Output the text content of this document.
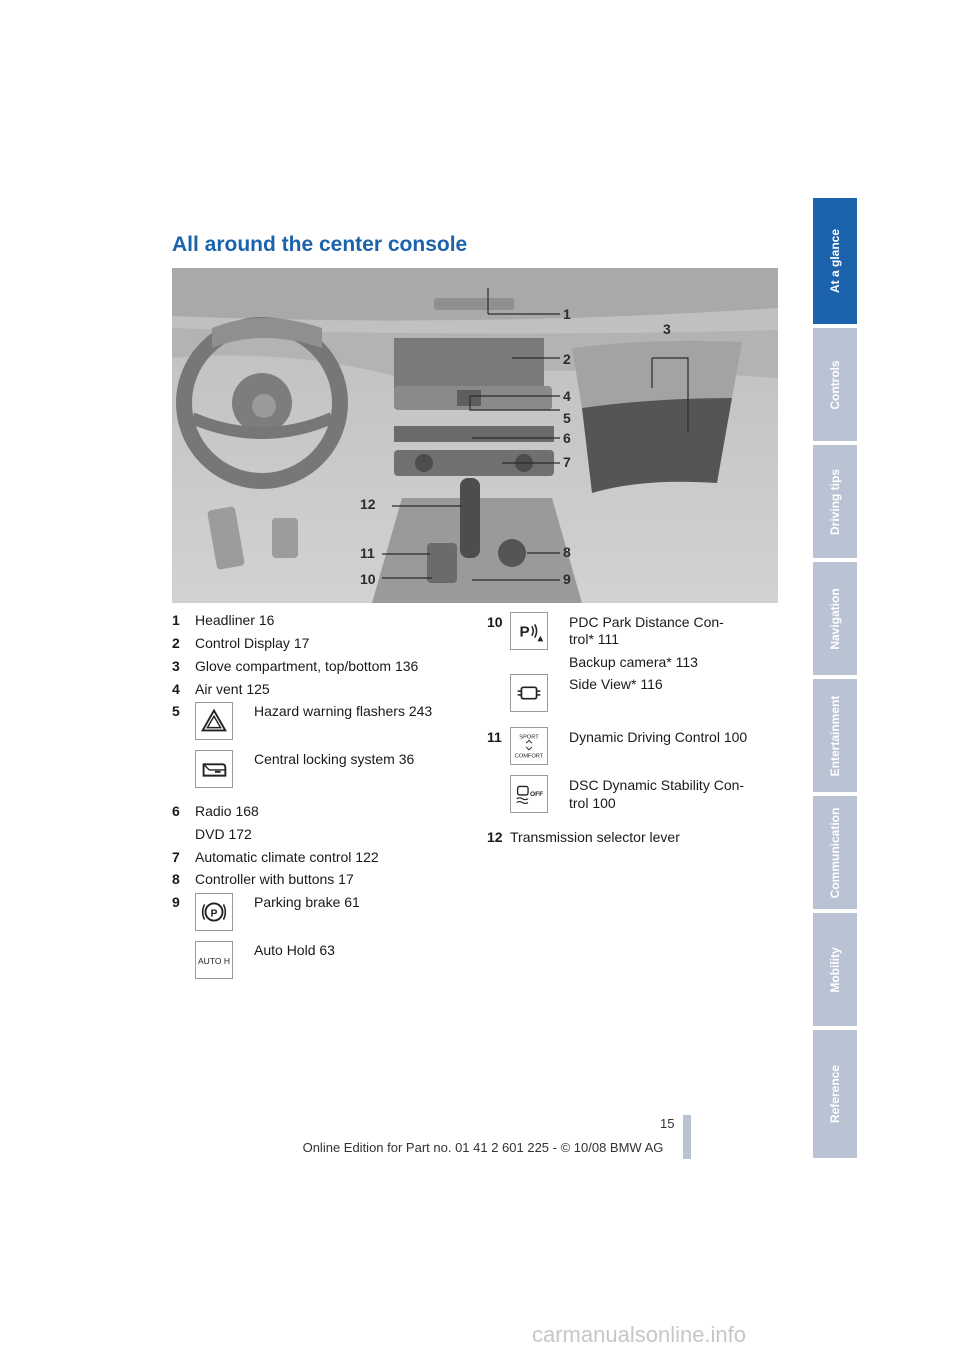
All around the center console
1
2
3
4
5
6
7
8
9
10
11
12
1 Headliner 16
2 Control Display 17
3 Glove compartment, top/bottom 136
4 Air vent 125
5	Hazard warning flashers 243
Central locking system 36
6 Radio 168
DVD 172
7 Automatic climate control 122
8 Controller with buttons 17
9	Parking brake 61
P
Auto Hold 63
AUTO H
10	PDC Park Distance Con-
trol* 111
P
Backup camera* 113
Side View* 116
11	Dynamic Driving Control 100
SPORT
COMFORT
DSC Dynamic Stability Con-
trol 100
OFF
12 Transmission selector lever
At a glance
Controls
Driving tips
Navigation
Entertainment
Communication
Mobility
Reference
15
Online Edition for Part no. 01 41 2 601 225 - © 10/08 BMW AG
carmanualsonline.info
